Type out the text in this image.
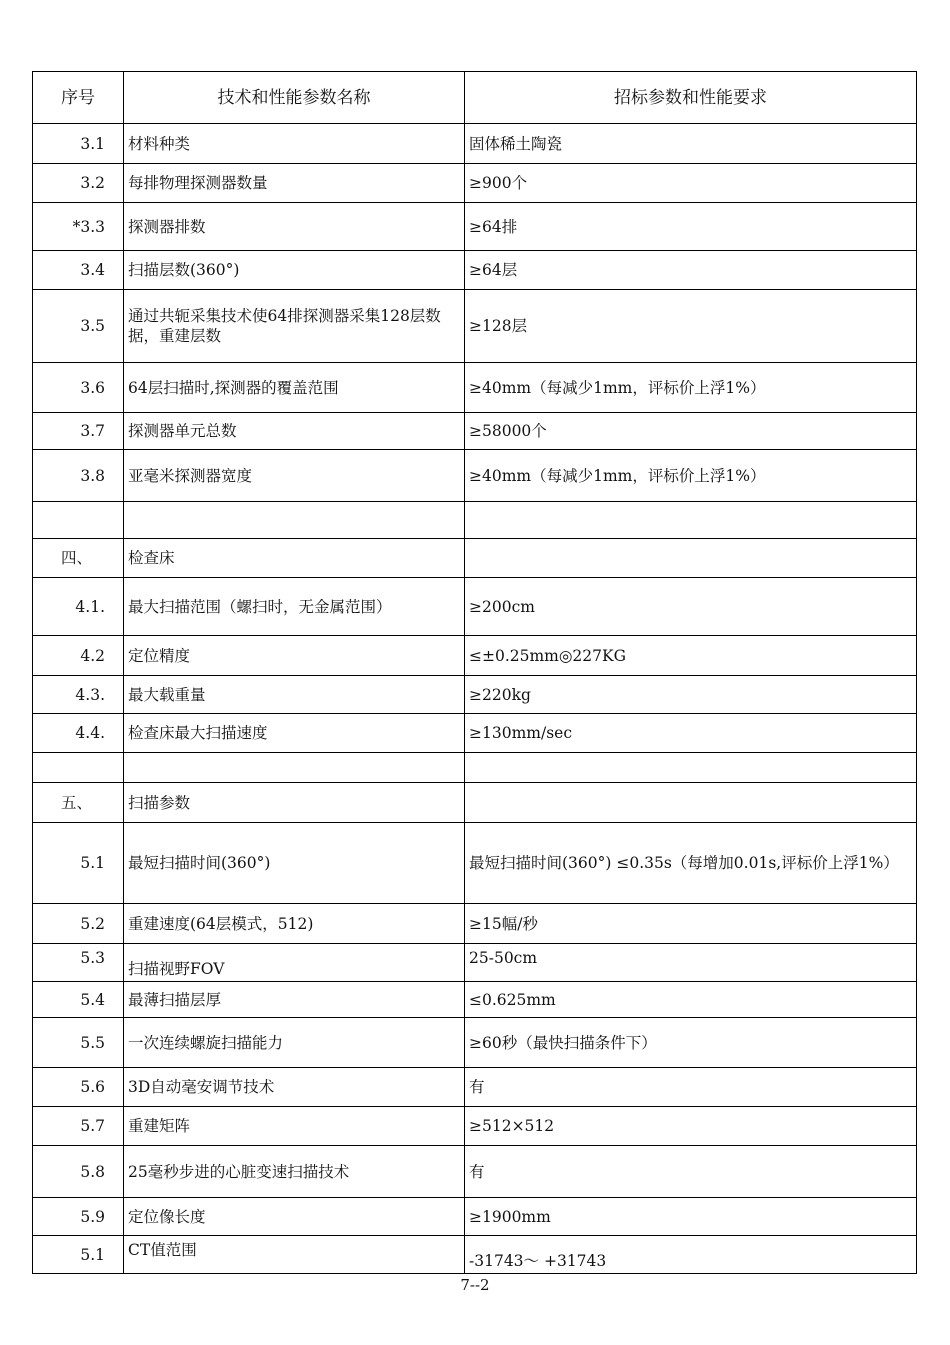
序号	技术和性能参数名称	招标参数和性能要求
3.1	材料种类	固体稀土陶瓷
3.2	每排物理探测器数量	≥900个
*3.3	探测器排数	≥64排
3.4	扫描层数(360°)	≥64层
3.5	通过共轭采集技术使64排探测器采集128层数据，重建层数	≥128层
3.6	64层扫描时,探测器的覆盖范围	≥40mm（每减少1mm，评标价上浮1%）
3.7	探测器单元总数	≥58000个
3.8	亚毫米探测器宽度	≥40mm（每减少1mm，评标价上浮1%）

四、	检查床	
4.1.	最大扫描范围（螺扫时，无金属范围）	≥200cm
4.2	定位精度	≤±0.25mm◎227KG
4.3.	最大载重量	≥220kg
4.4.	检查床最大扫描速度	≥130mm/sec

五、	扫描参数	
5.1	最短扫描时间(360°)	最短扫描时间(360°) ≤0.35s（每增加0.01s,评标价上浮1%）
5.2	重建速度(64层模式，512)	≥15幅/秒
5.3	扫描视野FOV	25-50cm
5.4	最薄扫描层厚	≤0.625mm
5.5	一次连续螺旋扫描能力	≥60秒（最快扫描条件下）
5.6	3D自动毫安调节技术	有
5.7	重建矩阵	≥512×512
5.8	25毫秒步进的心脏变速扫描技术	有
5.9	定位像长度	≥1900mm
5.1	CT值范围	-31743～ +31743
7--2
